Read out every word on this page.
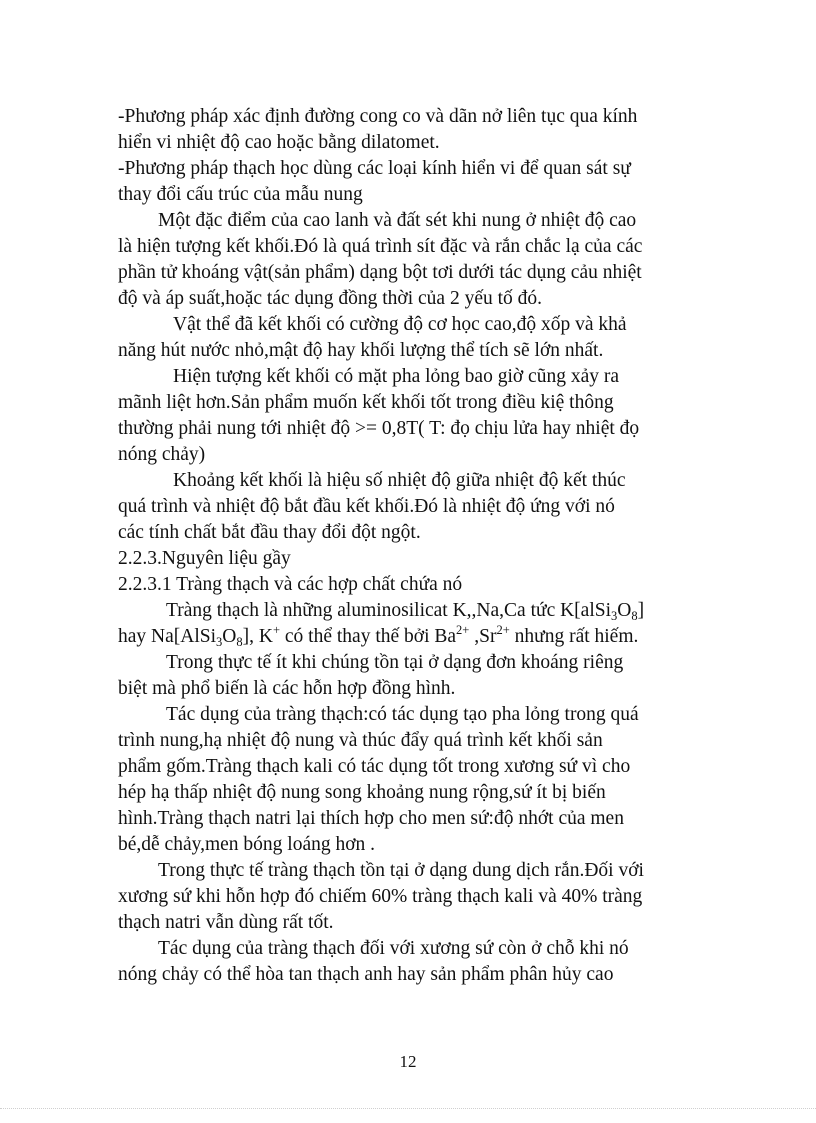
-Phương pháp xác định đường cong co và dãn nở liên tục qua kính
hiển vi nhiệt độ cao hoặc bằng dilatomet.
-Phương pháp thạch học dùng các loại kính hiển vi để quan sát sự
thay đổi cấu trúc của mẫu nung
Một đặc điểm của cao lanh và đất sét khi nung ở nhiệt độ cao
là hiện tượng kết khối.Đó là quá trình sít đặc và rắn chắc lạ của các
phần tử khoáng vật(sản phẩm) dạng bột tơi dưới tác dụng cảu nhiệt
độ và áp suất,hoặc tác dụng đồng thời của 2 yếu tố đó.
Vật thể đã kết khối có cường độ cơ học cao,độ xốp và khả
năng hút nước nhỏ,mật độ hay khối lượng thể tích sẽ lớn nhất.
Hiện tượng kết khối có mặt pha lỏng bao giờ cũng xảy ra
mãnh liệt hơn.Sản phẩm muốn kết khối tốt trong điều kiệ thông
thường phải nung tới nhiệt độ >= 0,8T( T: đọ chịu lửa hay nhiệt đọ
nóng chảy)
Khoảng kết khối là hiệu số nhiệt độ giữa nhiệt độ kết thúc
quá trình và nhiệt độ bắt đầu kết khối.Đó là nhiệt độ ứng với nó
các tính chất bắt đầu thay đổi đột ngột.
2.2.3.Nguyên liệu gầy
2.2.3.1 Tràng thạch và các hợp chất chứa nó
Tràng thạch là những aluminosilicat K,,Na,Ca tức $K[alSi_3O_8]$
hay $Na[AlSi_3O_8]$, K+ có thể thay thế bởi $Ba^{2+}$ $,Sr^{2+}$ nhưng rất hiếm.
Trong thực tế ít khi chúng tồn tại ở dạng đơn khoáng riêng
biệt mà phổ biến là các hỗn hợp đồng hình.
Tác dụng của tràng thạch:có tác dụng tạo pha lỏng trong quá
trình nung,hạ nhiệt độ nung và thúc đẩy quá trình kết khối sản
phẩm gốm.Tràng thạch kali có tác dụng tốt trong xương sứ vì cho
hép hạ thấp nhiệt độ nung song khoảng nung rộng,sứ ít bị biến
hình.Tràng thạch natri lại thích hợp cho men sứ:độ nhớt của men
bé,dễ chảy,men bóng loáng hơn .
Trong thực tế tràng thạch tồn tại ở dạng dung dịch rắn.Đối với
xương sứ khi hỗn hợp đó chiếm 60% tràng thạch kali và 40% tràng
thạch natri vẫn dùng rất tốt.
Tác dụng của tràng thạch đối với xương sứ còn ở chỗ khi nó
nóng chảy có thể hòa tan thạch anh hay sản phẩm phân hủy cao
12
